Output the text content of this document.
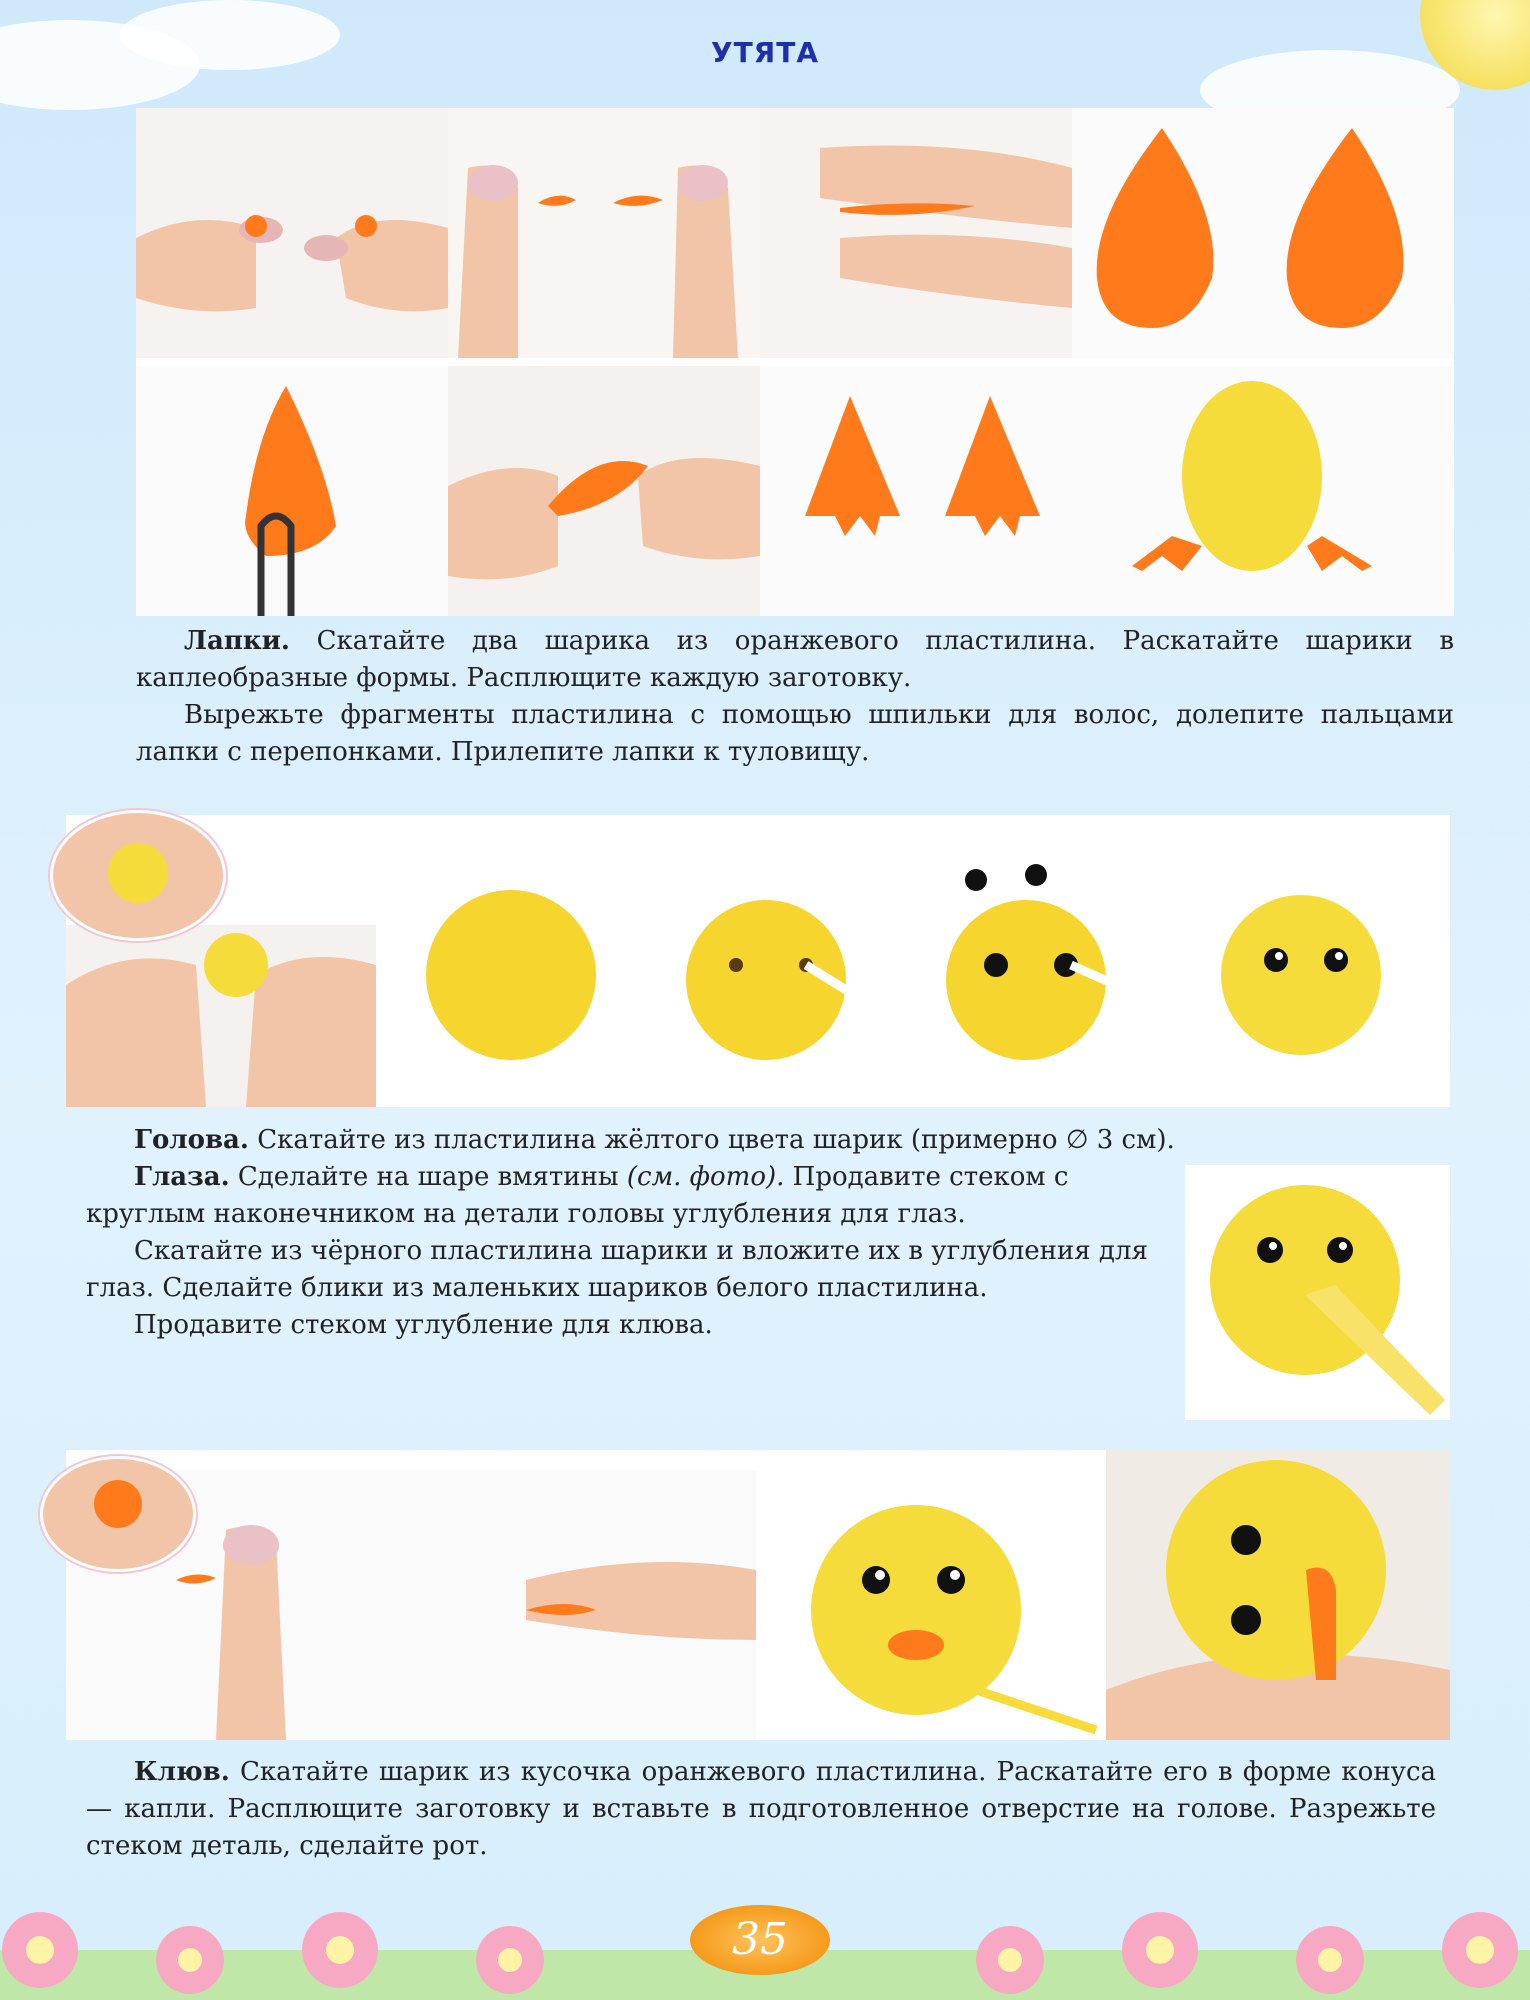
УТЯТА

Лапки. Скатайте два шарика из оранжевого пластилина. Раскатайте шарики в каплеобразные формы. Расплющите каждую заготовку.

Вырежьте фрагменты пластилина с помощью шпильки для волос, долепите пальцами лапки с перепонками. Прилепите лапки к туловищу.

Голова. Скатайте из пластилина жёлтого цвета шарик (примерно ∅ 3 см).

Глаза. Сделайте на шаре вмятины (см. фото). Продавите стеком с круглым наконечником на детали головы углубления для глаз.

Скатайте из чёрного пластилина шарики и вложите их в углубления для глаз. Сделайте блики из маленьких шариков белого пластилина.

Продавите стеком углубление для клюва.

Клюв. Скатайте шарик из кусочка оранжевого пластилина. Раскатайте его в форме конуса — капли. Расплющите заготовку и вставьте в подготовленное отверстие на голове. Разрежьте стеком деталь, сделайте рот.

35
